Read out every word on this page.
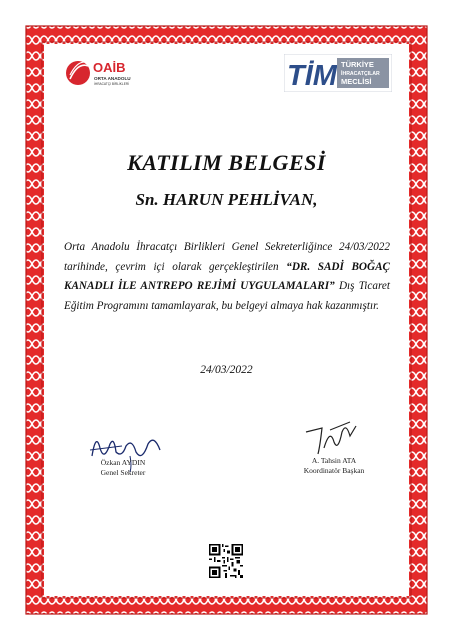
OAİB
ORTA ANADOLU
İHRACATÇI BİRLİKLERİ	TİM TÜRKİYE
İHRACATÇILAR
MECLİSİ
KATILIM BELGESİ
Sn. HARUN PEHLİVAN,
Orta Anadolu İhracatçı Birlikleri Genel Sekreterliğince 24/03/2022 tarihinde, çevrim içi olarak gerçekleştirilen “DR. SADİ BOĞAÇ KANADLI İLE ANTREPO REJİMİ UYGULAMALARI” Dış Ticaret Eğitim Programını tamamlayarak, bu belgeyi almaya hak kazanmıştır.
24/03/2022
Özkan AYDIN
Genel Sekreter
A. Tahsin ATA
Koordinatör Başkan
